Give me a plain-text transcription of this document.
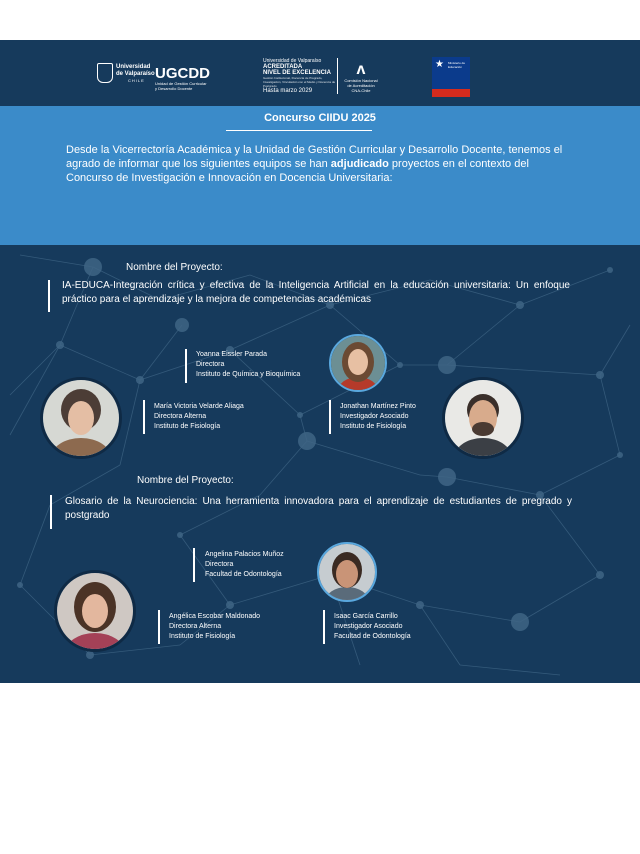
Universidad
de Valparaíso
CHILE UGCDD
Unidad de Gestión Curricular
y Desarrollo Docente
Universidad de Valparaíso
ACREDITADA
NIVEL DE EXCELENCIA
Gestión Institucional, Docencia de Pregrado, Investigación, Vinculación con el Medio y Docencia de Postgrado
Hasta marzo 2029
ʌ
Comisión Nacional
de Acreditación
CNA-Chile
★ Ministerio de
Educación
Concurso CIIDU 2025
Desde la Vicerrectoría Académica y la Unidad de Gestión Curricular y Desarrollo Docente, tenemos el agrado de informar que los siguientes equipos se han adjudicado proyectos en el contexto del Concurso de Investigación e Innovación en Docencia Universitaria:
Nombre del Proyecto:
IA-EDUCA-Integración crítica y efectiva de la Inteligencia Artificial en la educación universitaria: Un enfoque práctico para el aprendizaje y la mejora de competencias académicas
Yoanna Eissler Parada
Directora
Instituto de Química y Bioquímica
María Victoria Velarde Aliaga
Directora Alterna
Instituto de Fisiología
Jonathan Martínez Pinto
Investigador Asociado
Instituto de Fisiología
Nombre del Proyecto:
Glosario de la Neurociencia: Una herramienta innovadora para el aprendizaje de estudiantes de pregrado y postgrado
Angelina Palacios Muñoz
Directora
Facultad de Odontología
Angélica Escobar Maldonado
Directora Alterna
Instituto de Fisiología
Isaac García Carrillo
Investigador Asociado
Facultad de Odontología
